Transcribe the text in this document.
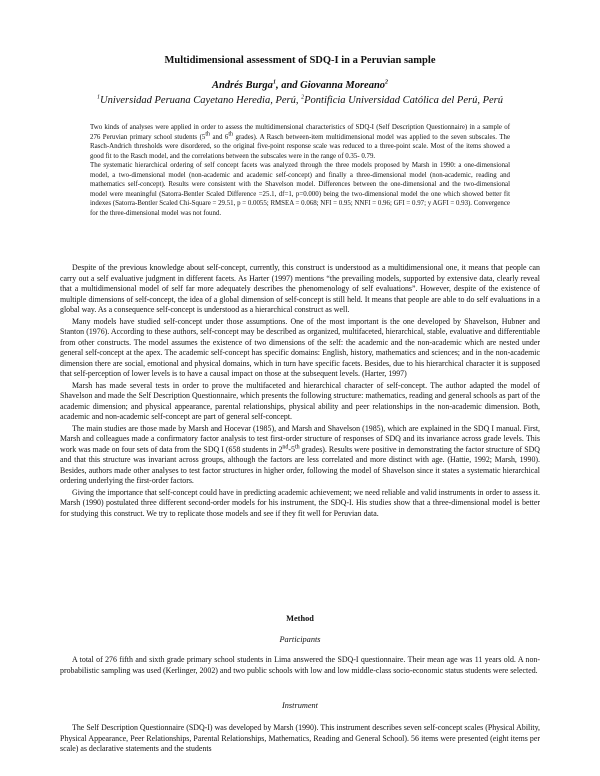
Multidimensional assessment of SDQ-I in a Peruvian sample
Andrés Burga$^1$, and Giovanna Moreano$^2$
$^1$Universidad Peruana Cayetano Heredia, Perú, $^2$Pontificia Universidad Católica del Perú, Perú

Two kinds of analyses were applied in order to assess the multidimensional characteristics of SDQ-I (Self Description Questionnaire) in a sample of 276 Peruvian primary school students (5th and 6th grades). A Rasch between-item multidimensional model was applied to the seven subscales. The Rasch-Andrich thresholds were disordered, so the original five-point response scale was reduced to a three-point scale. Most of the items showed a good fit to the Rasch model, and the correlations between the subscales were in the range of 0.35- 0.79.

The systematic hierarchical ordering of self concept facets was analyzed through the three models proposed by Marsh in 1990: a one-dimensional model, a two-dimensional model (non-academic and academic self-concept) and finally a three-dimensional model (non-academic, reading and mathematics self-concept). Results were consistent with the Shavelson model. Differences between the one-dimensional and the two-dimensional model were meaningful (Satorra-Bentler Scaled Difference =25.1, df=1, p=0.000) being the two-dimensional model the one which showed better fit indexes (Satorra-Bentler Scaled Chi-Square = 29.51, p = 0.0055; RMSEA = 0.068; NFI = 0.95; NNFI = 0.96; GFI = 0.97; y AGFI = 0.93). Convergence for the three-dimensional model was not found.

Despite of the previous knowledge about self-concept, currently, this construct is understood as a multidimensional one, it means that people can carry out a self evaluative judgment in different facets. As Harter (1997) mentions “the prevailing models, supported by extensive data, clearly reveal that a multidimensional model of self far more adequately describes the phenomenology of self evaluations”. However, despite of the existence of multiple dimensions of self-concept, the idea of a global dimension of self-concept is still held. It means that people are able to do self evaluations in a global way. As a consequence self-concept is understood as a hierarchical construct as well.

Many models have studied self-concept under those assumptions. One of the most important is the one developed by Shavelson, Hubner and Stanton (1976). According to these authors, self-concept may be described as organized, multifaceted, hierarchical, stable, evaluative and differentiable from other constructs. The model assumes the existence of two dimensions of the self: the academic and the non-academic which are nested under general self-concept at the apex. The academic self-concept has specific domains: English, history, mathematics and sciences; and in the non-academic dimension there are social, emotional and physical domains, which in turn have specific facets. Besides, due to his hierarchical character it is supposed that self-perception of lower levels is to have a causal impact on those at the subsequent levels. (Harter, 1997)

Marsh has made several tests in order to prove the multifaceted and hierarchical character of self-concept. The author adapted the model of Shavelson and made the Self Description Questionnaire, which presents the following structure: mathematics, reading and general schools as part of the academic dimension; and physical appearance, parental relationships, physical ability and peer relationships in the non-academic dimension. Both, academic and non-academic self-concept are part of general self-concept.

The main studies are those made by Marsh and Hocevar (1985), and Marsh and Shavelson (1985), which are explained in the SDQ I manual. First, Marsh and colleagues made a confirmatory factor analysis to test first-order structure of responses of SDQ and its invariance across grade levels. This work was made on four sets of data from the SDQ I (658 students in 2nd-5th grades). Results were positive in demonstrating the factor structure of SDQ and that this structure was invariant across groups, although the factors are less correlated and more distinct with age. (Hattie, 1992; Marsh, 1990). Besides, authors made other analyses to test factor structures in higher order, following the model of Shavelson since it states a systematic hierarchical ordering underlying the first-order factors.

Giving the importance that self-concept could have in predicting academic achievement; we need reliable and valid instruments in order to assess it. Marsh (1990) postulated three different second-order models for his instrument, the SDQ-I. His studies show that a three-dimensional model is better for studying this construct. We try to replicate those models and see if they fit well for Peruvian data.

Method
Participants

A total of 276 fifth and sixth grade primary school students in Lima answered the SDQ-I questionnaire. Their mean age was 11 years old. A non-probabilistic sampling was used (Kerlinger, 2002) and two public schools with low and low middle-class socio-economic status students were selected.

Instrument

The Self Description Questionnaire (SDQ-I) was developed by Marsh (1990). This instrument describes seven self-concept scales (Physical Ability, Physical Appearance, Peer Relationships, Parental Relationships, Mathematics, Reading and General School). 56 items were presented (eight items per scale) as declarative statements and the students
